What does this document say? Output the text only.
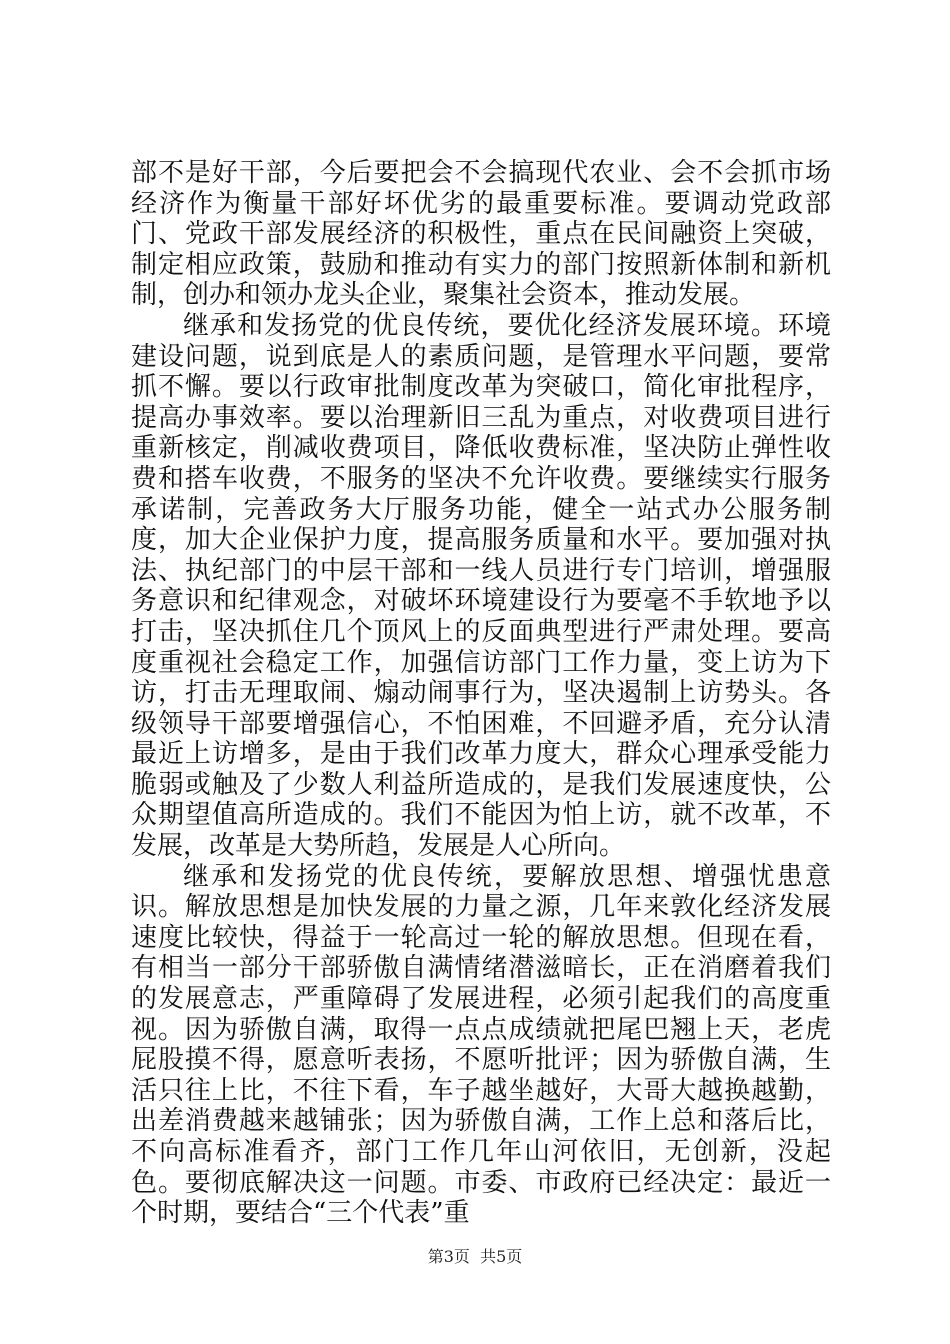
部不是好干部，今后要把会不会搞现代农业、会不会抓市场经济作为衡量干部好坏优劣的最重要标准。要调动党政部门、党政干部发展经济的积极性，重点在民间融资上突破，制定相应政策，鼓励和推动有实力的部门按照新体制和新机制，创办和领办龙头企业，聚集社会资本，推动发展。

继承和发扬党的优良传统，要优化经济发展环境。环境建设问题，说到底是人的素质问题，是管理水平问题，要常抓不懈。要以行政审批制度改革为突破口，简化审批程序，提高办事效率。要以治理新旧三乱为重点，对收费项目进行重新核定，削减收费项目，降低收费标准，坚决防止弹性收费和搭车收费，不服务的坚决不允许收费。要继续实行服务承诺制，完善政务大厅服务功能，健全一站式办公服务制度，加大企业保护力度，提高服务质量和水平。要加强对执法、执纪部门的中层干部和一线人员进行专门培训，增强服务意识和纪律观念，对破坏环境建设行为要毫不手软地予以打击，坚决抓住几个顶风上的反面典型进行严肃处理。要高度重视社会稳定工作，加强信访部门工作力量，变上访为下访，打击无理取闹、煽动闹事行为，坚决遏制上访势头。各级领导干部要增强信心，不怕困难，不回避矛盾，充分认清最近上访增多，是由于我们改革力度大，群众心理承受能力脆弱或触及了少数人利益所造成的，是我们发展速度快，公众期望值高所造成的。我们不能因为怕上访，就不改革，不发展，改革是大势所趋，发展是人心所向。

继承和发扬党的优良传统，要解放思想、增强忧患意识。解放思想是加快发展的力量之源，几年来敦化经济发展速度比较快，得益于一轮高过一轮的解放思想。但现在看，有相当一部分干部骄傲自满情绪潜滋暗长，正在消磨着我们的发展意志，严重障碍了发展进程，必须引起我们的高度重视。因为骄傲自满，取得一点点成绩就把尾巴翘上天，老虎屁股摸不得，愿意听表扬，不愿听批评；因为骄傲自满，生活只往上比，不往下看，车子越坐越好，大哥大越换越勤，出差消费越来越铺张；因为骄傲自满，工作上总和落后比，不向高标准看齐，部门工作几年山河依旧，无创新，没起色。要彻底解决这一问题。市委、市政府已经决定：最近一个时期，要结合“三个代表”重

第3页  共5页
